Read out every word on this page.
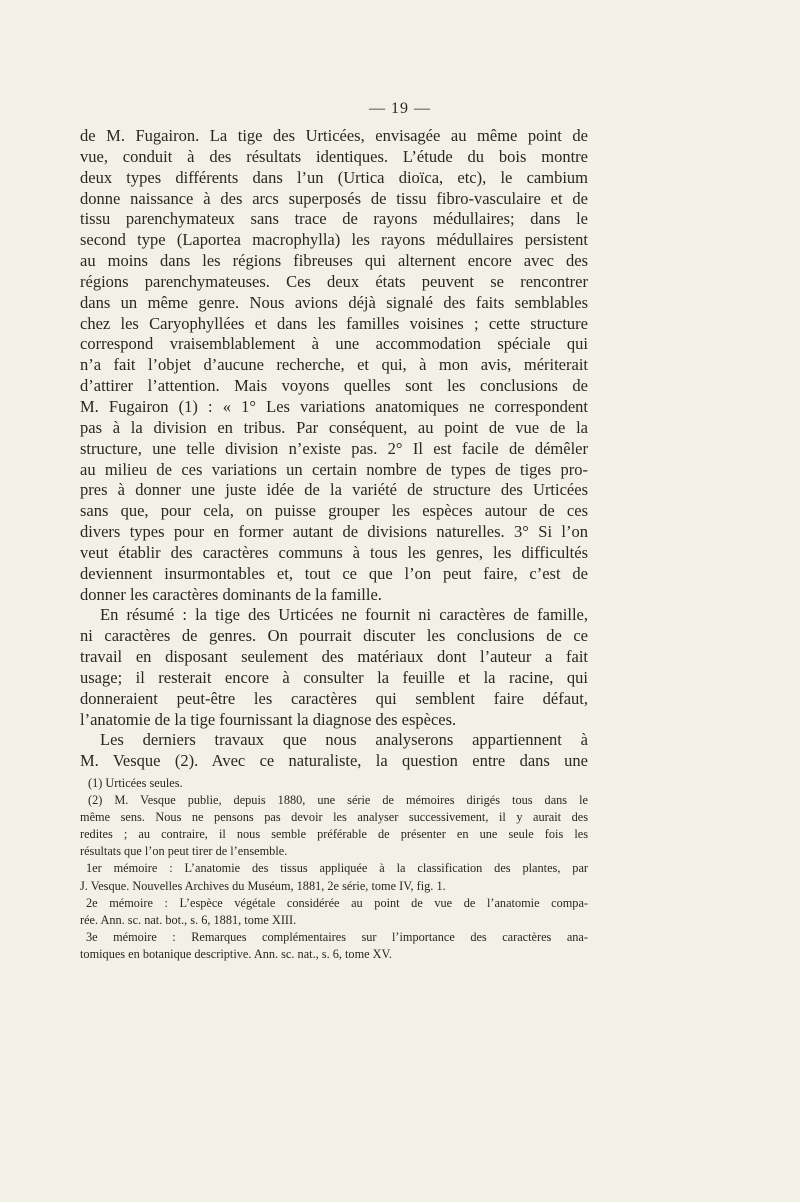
— 19 —
de M. Fugairon. La tige des Urticées, envisagée au même point de
vue, conduit à des résultats identiques. L’étude du bois montre
deux types différents dans l’un (Urtica dioïca, etc), le cambium
donne naissance à des arcs superposés de tissu fibro-vasculaire et de
tissu parenchymateux sans trace de rayons médullaires; dans le
second type (Laportea macrophylla) les rayons médullaires persistent
au moins dans les régions fibreuses qui alternent encore avec des
régions parenchymateuses. Ces deux états peuvent se rencontrer
dans un même genre. Nous avions déjà signalé des faits semblables
chez les Caryophyllées et dans les familles voisines ; cette structure
correspond vraisemblablement à une accommodation spéciale qui
n’a fait l’objet d’aucune recherche, et qui, à mon avis, mériterait
d’attirer l’attention. Mais voyons quelles sont les conclusions de
M. Fugairon (1) : « 1° Les variations anatomiques ne correspondent
pas à la division en tribus. Par conséquent, au point de vue de la
structure, une telle division n’existe pas. 2° Il est facile de démêler
au milieu de ces variations un certain nombre de types de tiges pro-
pres à donner une juste idée de la variété de structure des Urticées
sans que, pour cela, on puisse grouper les espèces autour de ces
divers types pour en former autant de divisions naturelles. 3° Si l’on
veut établir des caractères communs à tous les genres, les difficultés
deviennent insurmontables et, tout ce que l’on peut faire, c’est de
donner les caractères dominants de la famille.
En résumé : la tige des Urticées ne fournit ni caractères de famille,
ni caractères de genres. On pourrait discuter les conclusions de ce
travail en disposant seulement des matériaux dont l’auteur a fait
usage; il resterait encore à consulter la feuille et la racine, qui
donneraient peut-être les caractères qui semblent faire défaut,
l’anatomie de la tige fournissant la diagnose des espèces.
Les derniers travaux que nous analyserons appartiennent à
M. Vesque (2). Avec ce naturaliste, la question entre dans une
(1) Urticées seules.
(2) M. Vesque publie, depuis 1880, une série de mémoires dirigés tous dans le
même sens. Nous ne pensons pas devoir les analyser successivement, il y aurait des
redites ; au contraire, il nous semble préférable de présenter en une seule fois les
résultats que l’on peut tirer de l’ensemble.
1er mémoire : L’anatomie des tissus appliquée à la classification des plantes, par
J. Vesque. Nouvelles Archives du Muséum, 1881, 2e série, tome IV, fig. 1.
2e mémoire : L’espèce végétale considérée au point de vue de l’anatomie compa-
rée. Ann. sc. nat. bot., s. 6, 1881, tome XIII.
3e mémoire : Remarques complémentaires sur l’importance des caractères ana-
tomiques en botanique descriptive. Ann. sc. nat., s. 6, tome XV.
